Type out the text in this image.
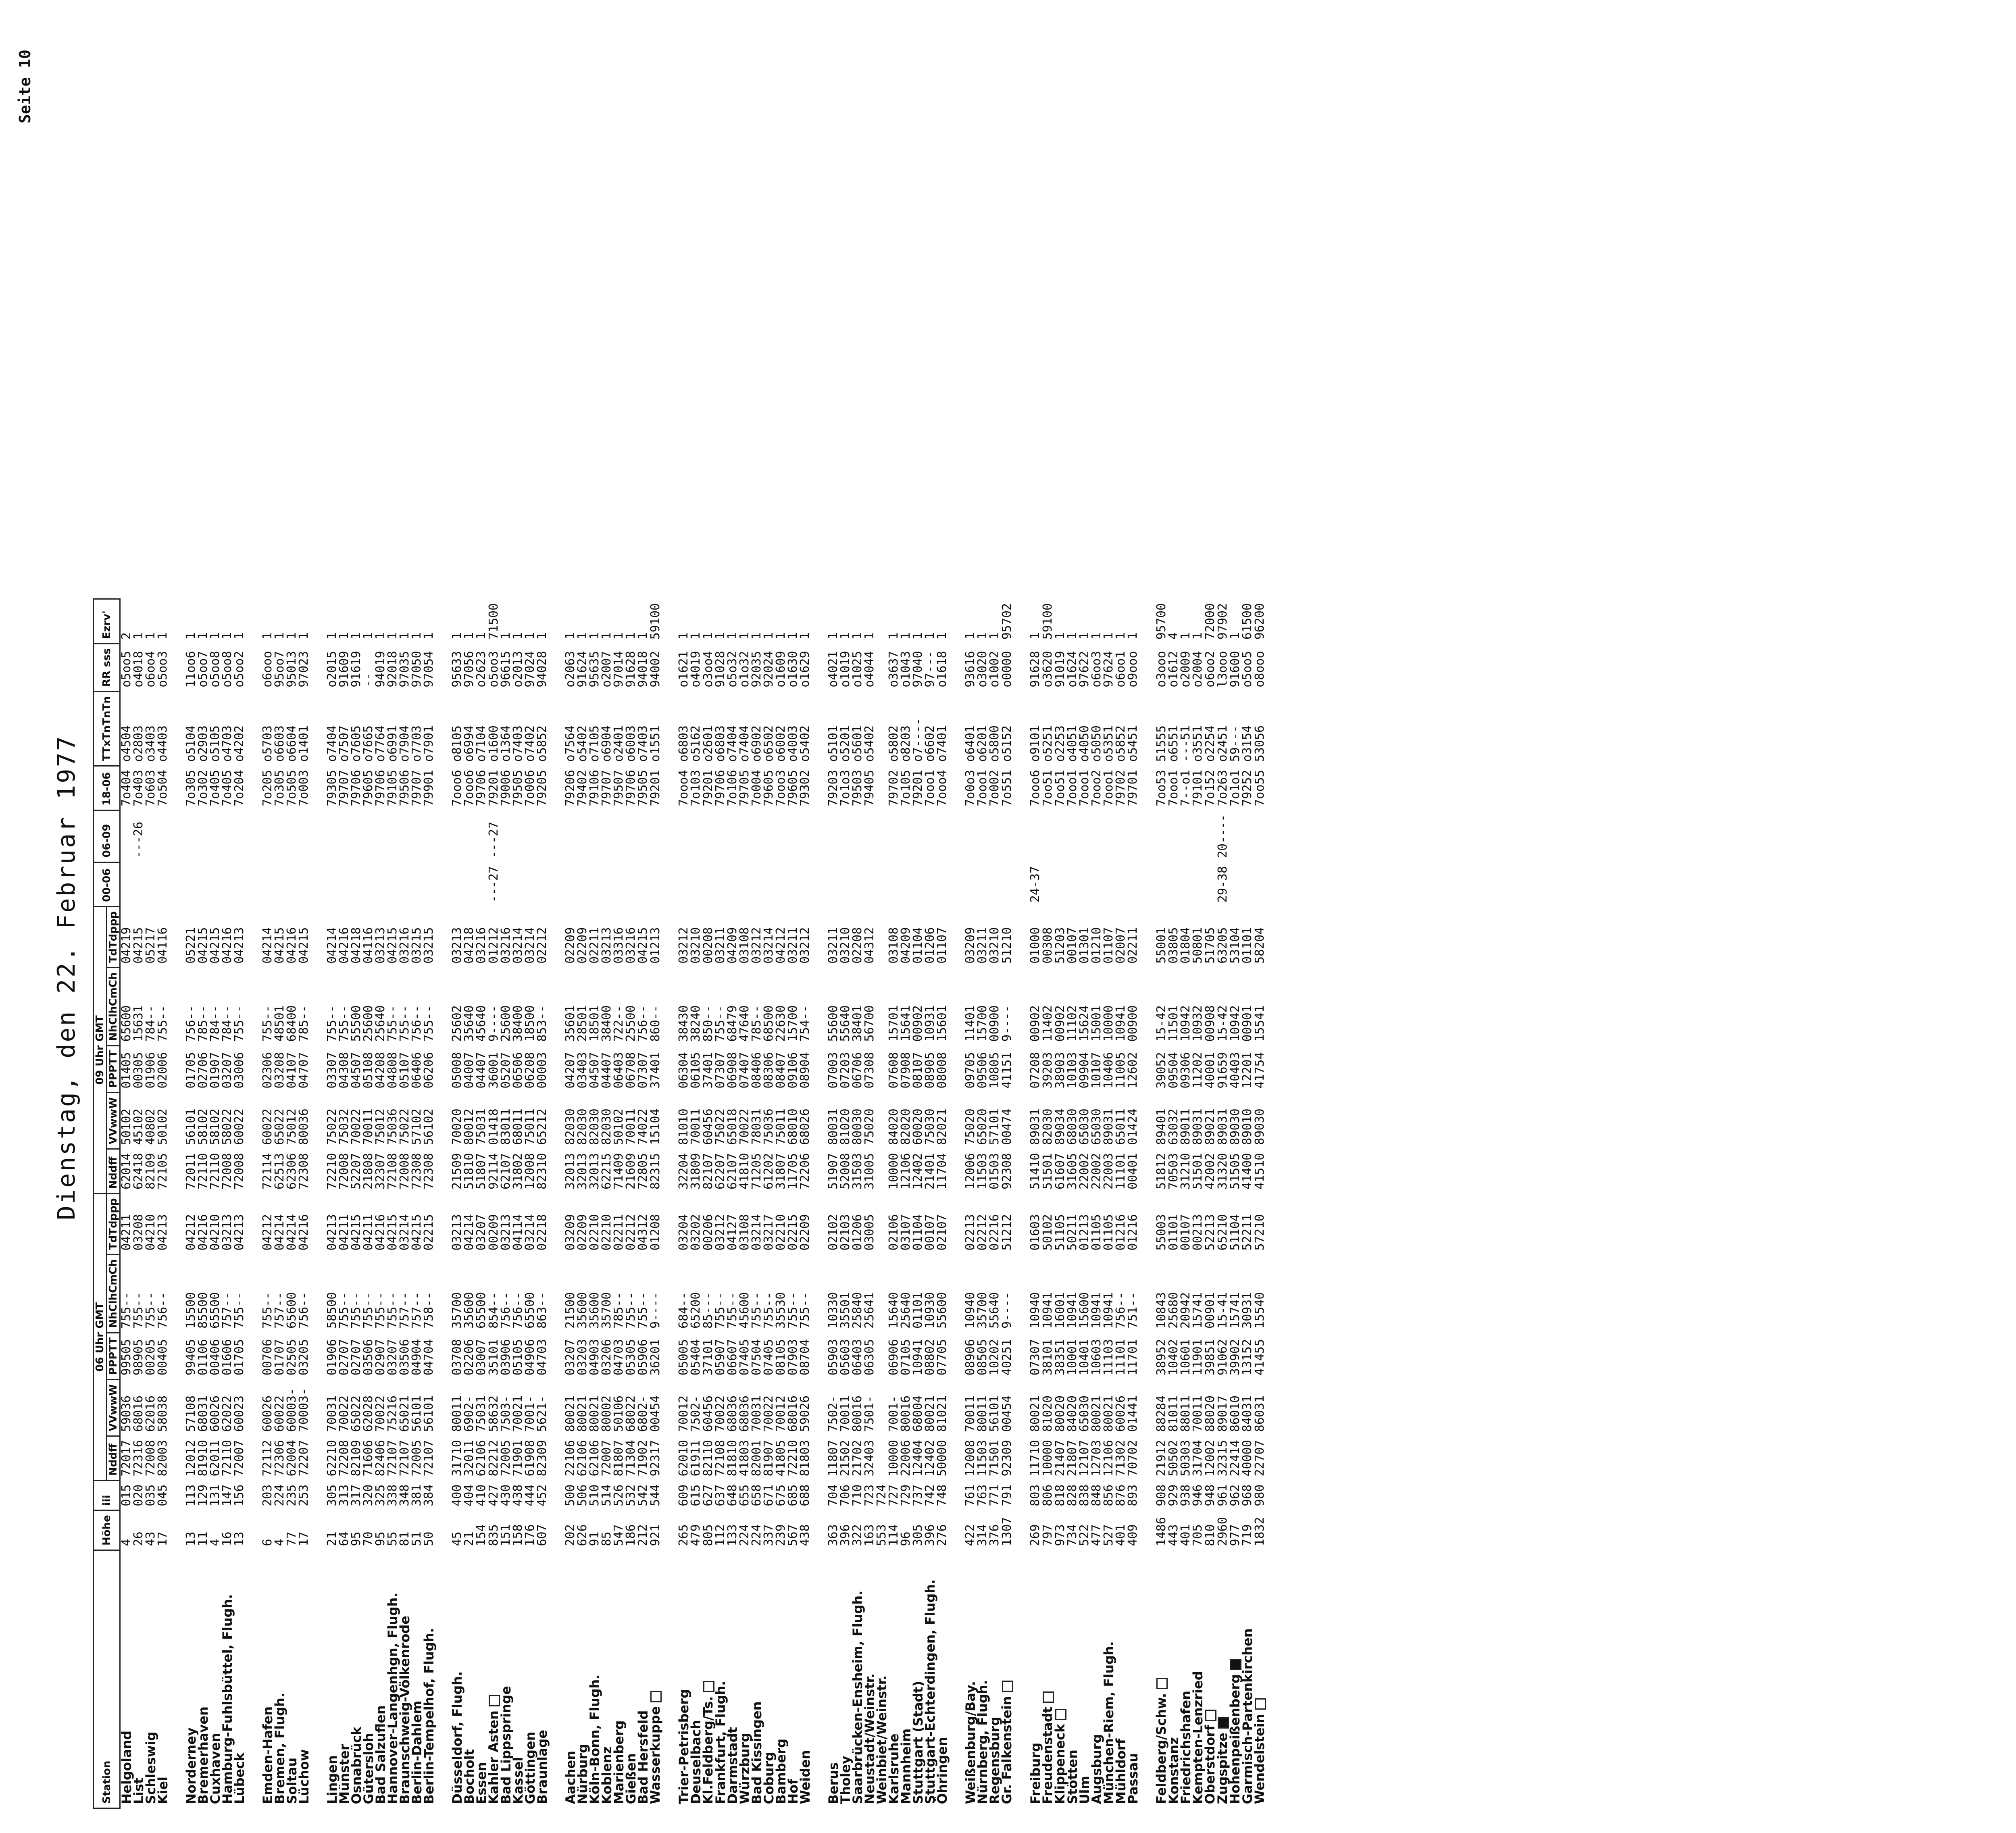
Seite 10
Dienstag, den 22. Februar 1977
Station	Höhe	iii	06 Uhr GMT					09 Uhr GMT					00-06	06-09	18-06	TTxTnTnTn	RR sss	Ezrv'
			Nddff	VVwwW	PPPTT	NhClhCmCh	TdTdppp	Nddff	VVwwW	PPPTT	NhClhCmCh	TdTdppp						
Helgoland	4	015	72017	59036	99505	755--	04211	62014	50102	01405	65600	04219			7o404	o4504	o5oo5	2
List	26	020	72316	68016	98905	755--	03208	62418	45102	00305	15631	04215		---26	7o403	o2803	o4018	1
Schleswig	43	035	72008	62016	00205	755--	04210	82109	40802	01906	784--	05217			7o603	o3403	o6oo4	1
Kiel	17	045	82003	58038	00405	756--	04213	72105	50102	02006	755--	04116			7o504	o4403	o5oo3	1

Norderney	13	113	12012	57108	99405	15500	04212	72011	56101	01705	756--	05221			7o305	o5104	11oo6	1
Bremerhaven	11	129	81910	68031	01106	85500	04216	72110	58102	02706	785--	04215			7o302	o2903	o5oo7	1
Cuxhaven	4	131	62011	60026	00406	65500	04210	72110	58102	01907	784--	04215			7o405	o5105	o5oo8	1
Hamburg-Fuhlsbüttel, Flugh.	16	147	72110	62022	01606	757--	03213	72008	58022	03207	784--	04216			7o405	o4703	o5oo8	1
Lübeck	13	156	72007	60023	01705	755--	04213	72008	60022	03006	755--	04213			7o204	o4202	o5oo2	1

Emden-Hafen	6	203	72112	60026	00706	755--	04212	72114	60022	02306	755--	04214			7o205	o5703	o6ooo	1
Bremen, Flugh.	4	224	72306	60022	01707	757--	04214	62513	65022	03208	48501	04215			7o305	o6603	95oo7	1
Soltau	77	235	62004	60003-	02505	65600	04214	62306	75012	04107	68400	04216			7o505	o6604	95013	1
Lüchow	17	253	72207	70003-	03205	756--	04216	72308	80036	04707	785--	04215			7o003	o1401	97023	1

Lingen	21	305	62210	70031	01906	58500	04213	72210	75022	03307	755--	04214			79305	o7404	o2015	1
Münster	64	313	72208	70022	02707	755--	04211	72008	75032	04308	755--	04216			79707	o7507	91609	1
Osnabrück	95	317	82109	65022	02707	755--	04215	52207	70022	04507	55500	04218			79706	o7605	91619	1
Gütersloh	70	320	71606	62028	03506	755--	04211	21808	70011	05108	25600	04116			79605	o7665	--	1
Bad Salzuflen	95	325	82406	70022	02907	755--	04216	32307	75012	04208	25640	03213			79706	o7764	94019	1
Hannover-Langenhgn, Flugh.	55	338	72107	75216	03207	755--	04215	72108	75036	04808	755--	04215			79105	o6991	92018	1
Braunschweig-Völkenrode	81	348	72107	65021	03506	757--	03214	72008	75022	05107	755--	03216			79506	o7904	97035	1
Berlin-Dahlem	51	381	72005	56101	04904	757--	04215	72308	57102	06406	756--	03215			79707	o7703	97050	1
Berlin-Tempelhof, Flugh.	50	384	72107	56101	04704	758--	02215	72308	56102	06206	755--	03215			79901	o7901	97054	1

Düsseldorf, Flugh.	45	400	31710	80011	03708	35700	03213	21509	70020	05008	25602	03213			7ooo6	o8105	95633	1
Bocholt	21	404	32011	6902-	02206	35600	04214	51810	80012	04007	35640	04218			7ooo6	o6994	97056	1
Essen	154	410	62106	75031	03007	65500	03207	51807	75031	04407	45640	03216			79706	o7104	o2623	1
Kahler Asten	835	427	82212	58632	35101	854--	00209	92114	01418	36001	9----	01212	---27	---27	79201	o1600	o5oo3	71500
Bad Lippspringe	151	430	72005	7503-	03906	756--	03213	62107	83011	05207	25600	03216			79006	o1364	96615	1
Kassel	158	438	71901	70021	05105	756--	04114	31802	68011	06506	38400	03214			79505	o7403	o2013	1
Göttingen	176	444	61908	7001-	04906	65500	03214	12008	75011	06208	18500	03214			7o006	o7402	97024	1
Braunlage	607	452	82309	5621-	04703	863--	02218	82310	65212	00003	853--	02212			79205	o5852	94028	1

Aachen	202	500	22106	80021	03207	21500	03209	32013	82030	04207	35601	02209			79206	o7564	o2063	1
Nürburg	626	506	62106	80021	03203	35600	02209	32013	82030	03403	28501	02209			79402	o5402	91624	1
Köln-Bonn, Flugh.	91	510	62106	80021	04903	35600	02210	32013	82030	04507	18501	02211			79106	o7105	95635	1
Koblenz	85	514	72007	80002	03206	35700	02210	62215	82030	04407	38400	03213			79707	o6904	o2007	1
Marienberg	547	526	81807	50106	04703	785--	02211	71409	50102	06403	722--	03316			79507	o2401	97014	1
Gießen	186	532	71304	68022	05305	755--	02212	21609	70011	06708	25500	03216			79706	o6003	91628	1
Bad Hersfeld	212	542	71902	6802-	05906	755--	04312	72805	74022	07307	756--	04215			79505	o7403	94018	1
Wasserkuppe	921	544	92317	00454	36201	9----	01208	82315	15104	37401	860--	01213			79201	o1551	94002	59100

Trier-Petrisberg	265	609	62010	70012	05005	684--	03204	32204	81010	06304	38430	03212			7ooo4	o6803	o1621	1
Deuselbach	479	615	61911	7502-	05404	65200	03202	31809	70011	06105	38240	03210			7o103	o5162	o4019	1
Kl.Feldberg/Ts.	805	627	82110	60456	37101	85---	00206	82107	60456	37401	850--	00208			79201	o2601	o3oo4	1
Frankfurt, Flugh.	112	637	72108	70022	05907	755--	03212	62207	75022	07307	755--	03211			79706	o6803	91028	1
Darmstadt	133	648	81810	68036	06607	755--	04127	62107	65018	06908	68479	04209			7o106	o7404	o5o32	1
Würzburg	224	655	41803	68036	07405	45600	03108	41810	70022	07407	47640	03108			79705	o7404	o1o32	1
Bad Kissingen	224	658	82001	70031	07504	755--	03214	71205	78031	08406	785--	03212			7o004	o6902	92035	1
Coburg	337	671	81907	70022	07405	755--	03217	61202	75036	08306	68500	03214			79605	o6502	92024	1
Bamberg	239	675	41805	70012	08105	35530	02210	31807	75011	08407	22630	04212			7ooo3	o6002	o1609	1
Hof	567	685	72210	68016	07903	755--	02215	11705	68010	09106	15700	03211			79605	o4003	o1630	1
Weiden	438	688	81803	59026	08704	755--	02209	72206	68026	08904	754--	03212			79302	o5402	o1629	1

Berus	363	704	11807	7502-	05903	10330	02102	51907	80031	07003	55600	03211			79203	o5101	o4021	1
Tholey	396	706	21502	70011	05603	35501	02103	52008	81020	07203	55640	03210			7o1o3	o5201	o1019	1
Saarbrücken-Ensheim, Flugh.	322	710	21702	80016	06403	25840	01206	31503	80030	06706	38401	02208			79503	o5601	o1025	1
Neustadt/Weinstr.	163	723	32403	7501-	06305	25641	03005	31005	75020	07308	56700	04312			79405	o5402	o4044	1
Weinbiet/Weinstr.	553	724																
Karlsruhe	114	727	10000	7001-	06906	15640	02106	10000	84020	07608	15701	03108			79702	o5802	o3637	1
Mannheim	96	729	22006	80016	07105	25640	03107	12106	82020	07908	15641	04209			7o105	o8203	o1043	1
Stuttgart (Stadt)	305	737	12404	68004	10941	01101	01104	12402	60020	08107	00902	01104			79201	o7----	97040	1
Stuttgart-Echterdingen, Flugh.	396	742	12402	80021	08802	10930	00107	21401	75030	08905	10931	01206			7ooo1	o6602	97---	1
Öhringen	276	748	50000	81021	07705	55600	02107	11704	82021	08008	15601	01107			7ooo4	o7401	o1618	1

Weißenburg/Bay.	422	761	12008	70011	08906	10940	02213	12006	75020	09705	11401	03209			7o0o3	o6401	93616	1
Nürnberg, Flugh.	314	763	11503	80011	08505	35700	02212	11503	65020	09506	15700	03211			7ooo1	o6201	o3020	1
Regensburg	376	771	71501	56101	10202	55640	02216	01503	57101	10805	00900	03210			7o002	o5800	o1002	1
Gr. Falkenstein	1307	791	92309	00454	40251	9----	51212	92308	00474	41151	9----	51210			7o551	o5152	o0000	95702

Freiburg	269	803	11710	80021	07307	10940	01603	51410	89031	07208	00902	01000	24-37		7ooo6	o9101	91628	1
Freudenstadt	797	806	10000	81020	38101	10941	50102	51501	82030	39203	11402	00308			7oo51	o5251	o3620	59100
Klippeneck	973	818	21407	80020	38351	16001	51105	61607	89034	38903	00902	51203			7oo51	o2253	91019	1
Stötten	734	828	21807	84020	10001	10941	50211	31605	68030	10103	11102	00107			7ooo1	o4051	o1624	1
Ulm	522	838	12107	65030	10401	15600	01213	22002	65030	09904	15624	01301			7ooo1	o4050	97622	1
Augsburg	477	848	12703	80021	10603	10941	01105	22002	65030	10107	15001	01210			7ooo2	o5050	o6oo3	1
München-Riem, Flugh.	527	856	12106	80021	11103	10941	01105	22003	89031	10406	10000	01107			7ooo1	o5351	97624	1
Mühldorf	401	876	71302	60026	11101	756--	01216	11101	65011	11005	10941	02007			79702	o5852	o6oo1	1
Passau	409	893	70702	01441	11701	751--	01216	00401	01424	12602	00900	02211			79701	o5451	o9ooo	1

Feldberg/Schw.	1486	908	21912	88284	38952	10843	55003	51812	89401	39052	15-42	55001			7oo53	51555	o3ooo	95700
Konstanz	443	929	50502	81011	10402	25680	01101	70503	63032	09504	11501	03805			7ooo1	o6551	o1612	4
Friedrichshafen	401	938	50303	88011	10601	20942	00107	31210	89011	09306	10942	01804			7--o1	---51	o2009	1
Kempten-Lenzried	705	946	31704	70011	11901	15741	00213	51501	89031	11202	10932	50801			79101	o3551	o2004	1
Oberstdorf	810	948	12002	88020	39851	00901	52213	42002	89021	40001	00908	51705			7o152	o2254	o6oo2	72000
Zugspitze	2960	961	32315	89017	91062	15-41	65210	31320	89031	91659	15-42	63205	29-38	20----	7o263	o2451	l3ooo	97902
Hohenpeißenberg	977	962	22414	86010	39902	15741	51104	51505	89030	40403	10942	53104			7o1o1	59---	91600	1
Garmisch-Partenkirchen	719	968	40000	84031	13152	30931	52211	41400	89010	12201	00901	01101			79252	o3154	o5oo5	61500
Wendelstein	1832	980	22707	86031	41455	15540	57210	41510	89030	41754	15541	58204			7oo55	53056	o8ooo	96200
